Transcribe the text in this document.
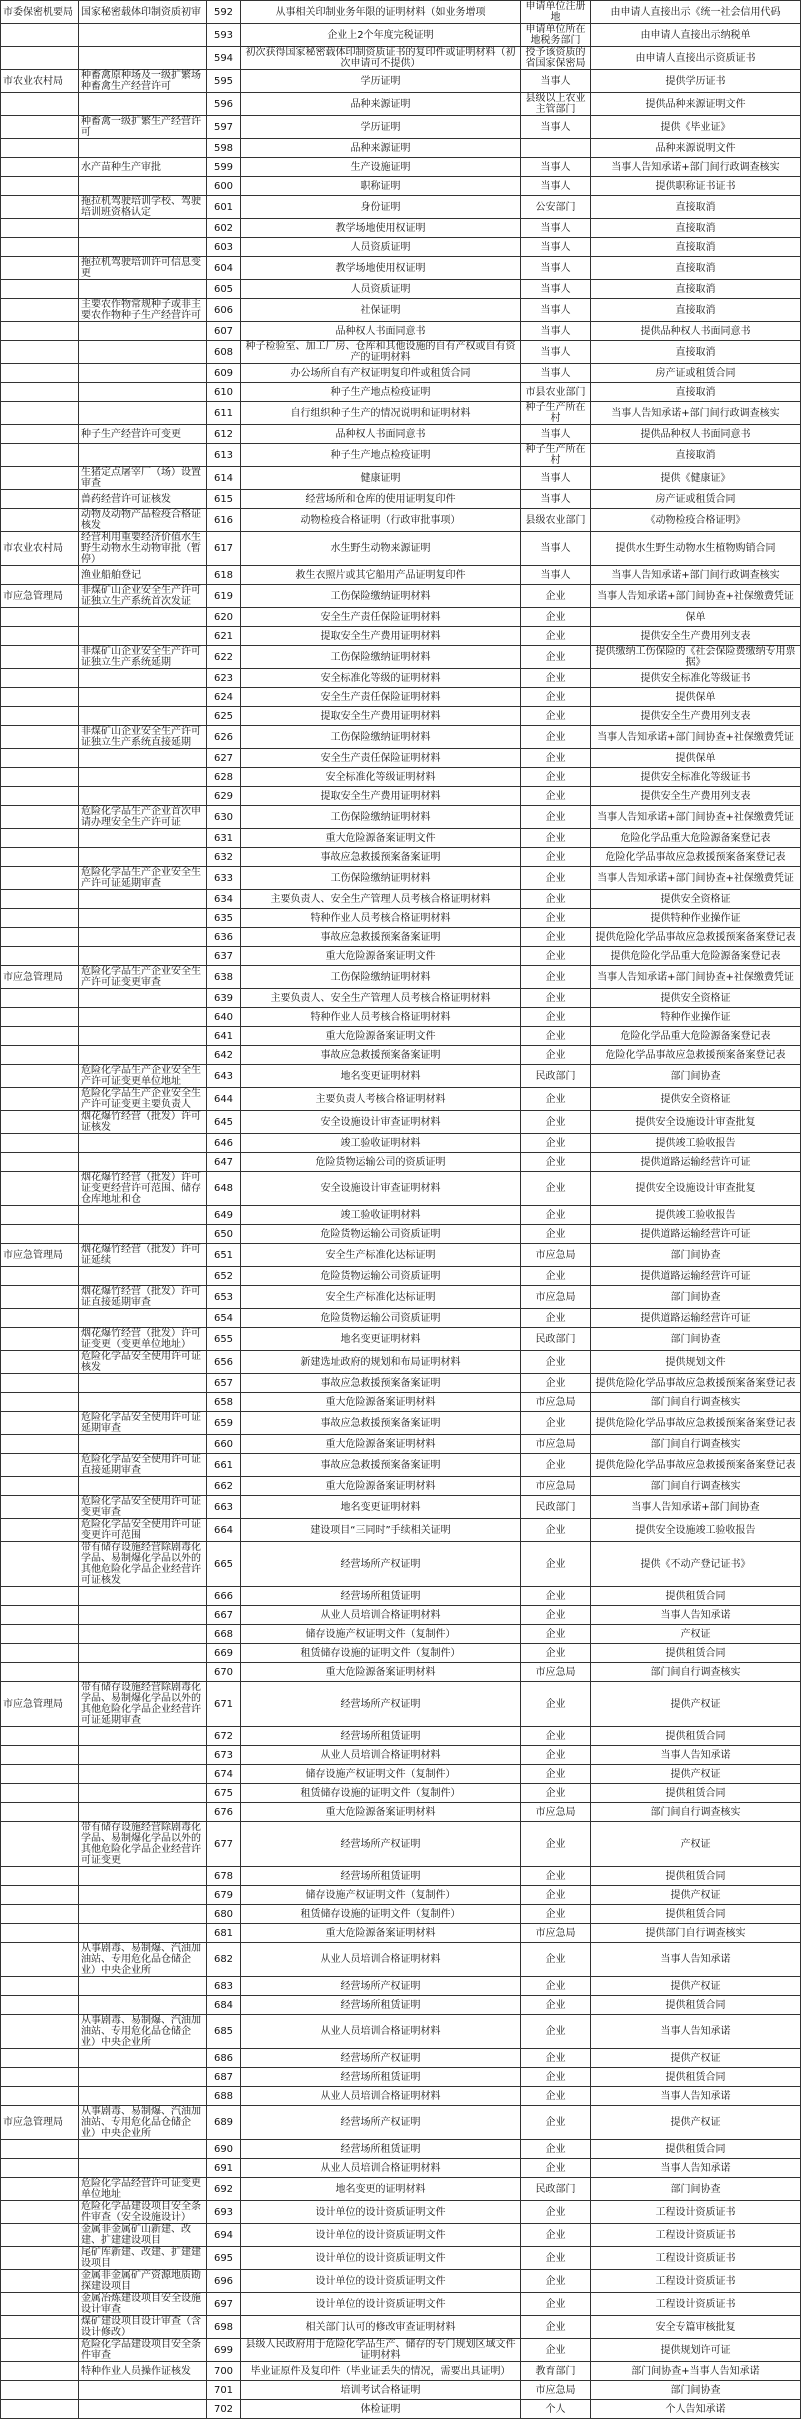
市委保密机要局	国家秘密载体印制资质初审	592	从事相关印制业务年限的证明材料（如业务增项	申请单位注册地	由申请人直接出示《统一社会信用代码
		593	企业上2个年度完税证明	申请单位所在地税务部门	由申请人直接出示纳税单
		594	初次获得国家秘密载体印制资质证书的复印件或证明材料（初次申请可不提供）	授予该资质的省国家保密局	由申请人直接出示资质证书
市农业农村局	种畜禽原种场及一级扩繁场种畜禽生产经营许可	595	学历证明	当事人	提供学历证书
		596	品种来源证明	县级以上农业主管部门	提供品种来源证明文件
	种畜禽一级扩繁生产经营许可	597	学历证明	当事人	提供《毕业证》
		598	品种来源证明		品种来源说明文件
	水产苗种生产审批	599	生产设施证明	当事人	当事人告知承诺+部门间行政调查核实
		600	职称证明	当事人	提供职称证书证书
	拖拉机驾驶培训学校、驾驶培训班资格认定	601	身份证明	公安部门	直接取消
		602	教学场地使用权证明	当事人	直接取消
		603	人员资质证明	当事人	直接取消
	拖拉机驾驶培训许可信息变更	604	教学场地使用权证明	当事人	直接取消
		605	人员资质证明	当事人	直接取消
	主要农作物常规种子或非主要农作物种子生产经营许可	606	社保证明	当事人	直接取消
		607	品种权人书面同意书	当事人	提供品种权人书面同意书
		608	种子检验室、加工厂房、仓库和其他设施的自有产权或自有资产的证明材料	当事人	直接取消
		609	办公场所自有产权证明复印件或租赁合同	当事人	房产证或租赁合同
		610	种子生产地点检疫证明	市县农业部门	直接取消
		611	自行组织种子生产的情况说明和证明材料	种子生产所在村	当事人告知承诺+部门间行政调查核实
	种子生产经营许可变更	612	品种权人书面同意书	当事人	提供品种权人书面同意书
		613	种子生产地点检疫证明	种子生产所在村	直接取消
	生猪定点屠宰厂（场）设置审查	614	健康证明	当事人	提供《健康证》
	兽药经营许可证核发	615	经营场所和仓库的使用证明复印件	当事人	房产证或租赁合同
	动物及动物产品检疫合格证核发	616	动物检疫合格证明（行政审批事项）	县级农业部门	《动物检疫合格证明》
市农业农村局	经营利用重要经济价值水生野生动物水生动物审批（暂停）	617	水生野生动物来源证明	当事人	提供水生野生动物水生植物购销合同
	渔业船舶登记	618	救生衣照片或其它船用产品证明复印件	当事人	当事人告知承诺+部门间行政调查核实
市应急管理局	非煤矿山企业安全生产许可证独立生产系统首次发证	619	工伤保险缴纳证明材料	企业	当事人告知承诺+部门间协查+社保缴费凭证
		620	安全生产责任保险证明材料	企业	保单
		621	提取安全生产费用证明材料	企业	提供安全生产费用列支表
	非煤矿山企业安全生产许可证独立生产系统延期	622	工伤保险缴纳证明材料	企业	提供缴纳工伤保险的《社会保险费缴纳专用票据》
		623	安全标准化等级的证明材料	企业	提供安全标准化等级证书
		624	安全生产责任保险证明材料	企业	提供保单
		625	提取安全生产费用证明材料	企业	提供安全生产费用列支表
	非煤矿山企业安全生产许可证独立生产系统直接延期	626	工伤保险缴纳证明材料	企业	当事人告知承诺+部门间协查+社保缴费凭证
		627	安全生产责任保险证明材料	企业	提供保单
		628	安全标准化等级证明材料	企业	提供安全标准化等级证书
		629	提取安全生产费用证明材料	企业	提供安全生产费用列支表
	危险化学品生产企业首次申请办理安全生产许可证	630	工伤保险缴纳证明材料	企业	当事人告知承诺+部门间协查+社保缴费凭证
		631	重大危险源备案证明文件	企业	危险化学品重大危险源备案登记表
		632	事故应急救援预案备案证明	企业	危险化学品事故应急救援预案备案登记表
	危险化学品生产企业安全生产许可证延期审查	633	工伤保险缴纳证明材料	企业	当事人告知承诺+部门间协查+社保缴费凭证
		634	主要负责人、安全生产管理人员考核合格证明材料	企业	提供安全资格证
		635	特种作业人员考核合格证明材料	企业	提供特种作业操作证
		636	事故应急救援预案备案证明	企业	提供危险化学品事故应急救援预案备案登记表
		637	重大危险源备案证明文件	企业	提供危险化学品重大危险源备案登记表
市应急管理局	危险化学品生产企业安全生产许可证变更审查	638	工伤保险缴纳证明材料	企业	当事人告知承诺+部门间协查+社保缴费凭证
		639	主要负责人、安全生产管理人员考核合格证明材料	企业	提供安全资格证
		640	特种作业人员考核合格证明材料	企业	特种作业操作证
		641	重大危险源备案证明文件	企业	危险化学品重大危险源备案登记表
		642	事故应急救援预案备案证明	企业	危险化学品事故应急救援预案备案登记表
	危险化学品生产企业安全生产许可证变更单位地址	643	地名变更证明材料	民政部门	部门间协查
	危险化学品生产企业安全生产许可证变更主要负责人	644	主要负责人考核合格证明材料	企业	提供安全资格证
	烟花爆竹经营（批发）许可证核发	645	安全设施设计审查证明材料	企业	提供安全设施设计审查批复
		646	竣工验收证明材料	企业	提供竣工验收报告
		647	危险货物运输公司的资质证明	企业	提供道路运输经营许可证
	烟花爆竹经营（批发）许可证变更经营许可范围、储存仓库地址和仓	648	安全设施设计审查证明材料	企业	提供安全设施设计审查批复
		649	竣工验收证明材料	企业	提供竣工验收报告
		650	危险货物运输公司资质证明	企业	提供道路运输经营许可证
市应急管理局	烟花爆竹经营（批发）许可证延续	651	安全生产标准化达标证明	市应急局	部门间协查
		652	危险货物运输公司资质证明	企业	提供道路运输经营许可证
	烟花爆竹经营（批发）许可证直接延期审查	653	安全生产标准化达标证明	市应急局	部门间协查
		654	危险货物运输公司资质证明	企业	提供道路运输经营许可证
	烟花爆竹经营（批发）许可证变更（变更单位地址）	655	地名变更证明材料	民政部门	部门间协查
	危险化学品安全使用许可证核发	656	新建选址政府的规划和布局证明材料	企业	提供规划文件
		657	事故应急救援预案备案证明	企业	提供危险化学品事故应急救援预案备案登记表
		658	重大危险源备案证明材料	市应急局	部门间自行调查核实
	危险化学品安全使用许可证延期审查	659	事故应急救援预案备案证明	企业	提供危险化学品事故应急救援预案备案登记表
		660	重大危险源备案证明材料	市应急局	部门间自行调查核实
	危险化学品安全使用许可证直接延期审查	661	事故应急救援预案备案证明	企业	提供危险化学品事故应急救援预案备案登记表
		662	重大危险源备案证明材料	市应急局	部门间自行调查核实
	危险化学品安全使用许可证变更审查	663	地名变更证明材料	民政部门	当事人告知承诺+部门间协查
	危险化学品安全使用许可证变更许可范围	664	建设项目“三同时”手续相关证明	企业	提供安全设施竣工验收报告
	带有储存设施经营除剧毒化学品、易制爆化学品以外的其他危险化学品企业经营许可证核发	665	经营场所产权证明	企业	提供《不动产登记证书》
		666	经营场所租赁证明	企业	提供租赁合同
		667	从业人员培训合格证明材料	企业	当事人告知承诺
		668	储存设施产权证明文件（复制件）	企业	产权证
		669	租赁储存设施的证明文件（复制件）	企业	提供租赁合同
		670	重大危险源备案证明材料	市应急局	部门间自行调查核实
市应急管理局	带有储存设施经营除剧毒化学品、易制爆化学品以外的其他危险化学品企业经营许可证延期审查	671	经营场所产权证明	企业	提供产权证
		672	经营场所租赁证明	企业	提供租赁合同
		673	从业人员培训合格证明材料	企业	当事人告知承诺
		674	储存设施产权证明文件（复制件）	企业	提供产权证
		675	租赁储存设施的证明文件（复制件）	企业	提供租赁合同
		676	重大危险源备案证明材料	市应急局	部门间自行调查核实
	带有储存设施经营除剧毒化学品、易制爆化学品以外的其他危险化学品企业经营许可证变更	677	经营场所产权证明	企业	产权证
		678	经营场所租赁证明	企业	提供租赁合同
		679	储存设施产权证明文件（复制件）	企业	提供产权证
		680	租赁储存设施的证明文件（复制件）	企业	提供租赁合同
		681	重大危险源备案证明材料	市应急局	提供部门自行调查核实
	从事剧毒、易制爆、汽油加油站、专用危化品仓储企业）中央企业所	682	从业人员培训合格证明材料	企业	当事人告知承诺
		683	经营场所产权证明	企业	提供产权证
		684	经营场所租赁证明	企业	提供租赁合同
	从事剧毒、易制爆、汽油加油站、专用危化品仓储企业）中央企业所	685	从业人员培训合格证明材料	企业	当事人告知承诺
		686	经营场所产权证明	企业	提供产权证
		687	经营场所租赁证明	企业	提供租赁合同
		688	从业人员培训合格证明材料	企业	当事人告知承诺
市应急管理局	从事剧毒、易制爆、汽油加油站、专用危化品仓储企业）中央企业所	689	经营场所产权证明	企业	提供产权证
		690	经营场所租赁证明	企业	提供租赁合同
		691	从业人员培训合格证明材料	企业	当事人告知承诺
	危险化学品经营许可证变更单位地址	692	地名变更的证明材料	民政部门	部门间协查
	危险化学品建设项目安全条件审查（安全设施设计）	693	设计单位的设计资质证明文件	企业	工程设计资质证书
	金属非金属矿山新建、改建、扩建建设项目	694	设计单位的设计资质证明文件	企业	工程设计资质证书
	尾矿库新建、改建、扩建建设项目	695	设计单位的设计资质证明文件	企业	工程设计资质证书
	金属非金属矿产资源地质勘探建设项目	696	设计单位的设计资质证明文件	企业	工程设计资质证书
	金属冶炼建设项目安全设施设计审查	697	设计单位的设计资质证明文件	企业	工程设计资质证书
	煤矿建设项目设计审查（含设计修改）	698	相关部门认可的修改审查证明材料	企业	安全专篇审核批复
	危险化学品建设项目安全条件审查	699	县级人民政府用于危险化学品生产、储存的专门规划区域文件证明材料	企业	提供规划许可证
	特种作业人员操作证核发	700	毕业证原件及复印件（毕业证丢失的情况，需要出具证明）	教育部门	部门间协查+当事人告知承诺
		701	培训考试合格证明	市应急局	部门间协查
		702	体检证明	个人	个人告知承诺
